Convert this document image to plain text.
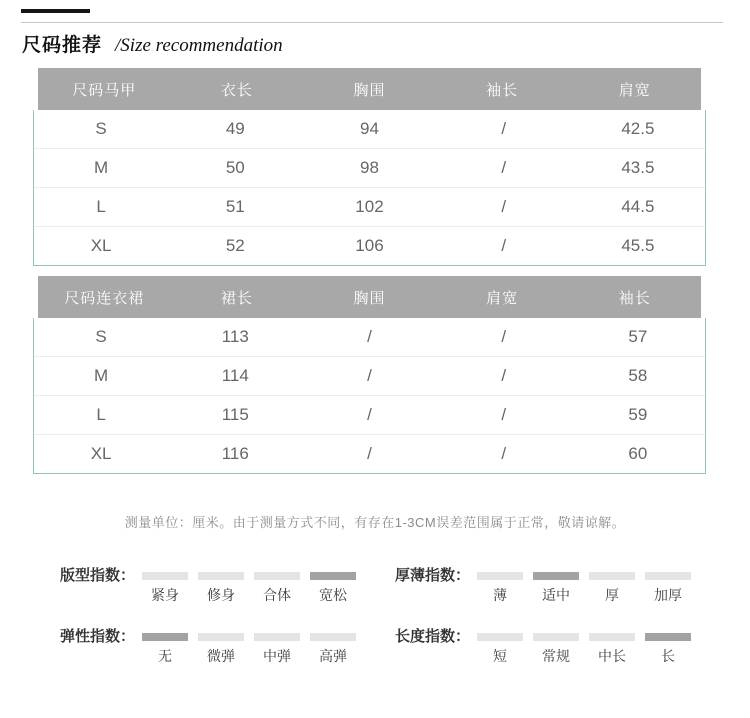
尺码推荐 /Size recommendation
尺码马甲	衣长	胸围	袖长	肩宽
S	49	94	/	42.5
M	50	98	/	43.5
L	51	102	/	44.5
XL	52	106	/	45.5
尺码连衣裙	裙长	胸围	肩宽	袖长
S	113	/	/	57
M	114	/	/	58
L	115	/	/	59
XL	116	/	/	60

测量单位：厘米。由于测量方式不同，有存在1-3CM误差范围属于正常，敬请谅解。

版型指数：
紧身	修身	合体	宽松
厚薄指数：
薄	适中	厚	加厚
弹性指数：
无	微弹	中弹	高弹
长度指数：
短	常规	中长	长
